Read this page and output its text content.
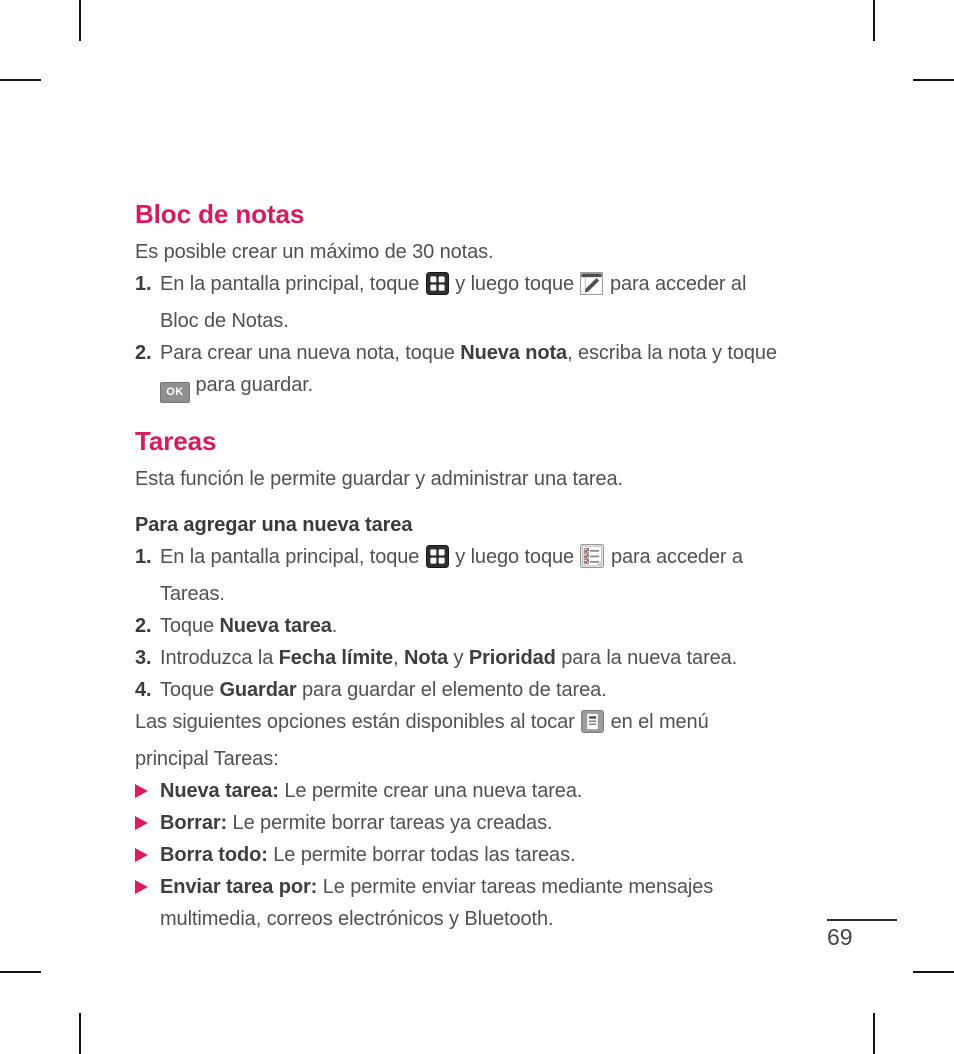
Bloc de notas

Es posible crear un máximo de 30 notas.

1. En la pantalla principal, toque  y luego toque  para acceder al
Bloc de Notas.
2. Para crear una nueva nota, toque Nueva nota, escriba la nota y toque
OK para guardar.
Tareas

Esta función le permite guardar y administrar una tarea.

Para agregar una nueva tarea
1. En la pantalla principal, toque  y luego toque  para acceder a
Tareas.
2. Toque Nueva tarea.
3. Introduzca la Fecha límite, Nota y Prioridad para la nueva tarea.
4. Toque Guardar para guardar el elemento de tarea.

Las siguientes opciones están disponibles al tocar  en el menú
principal Tareas:

Nueva tarea: Le permite crear una nueva tarea.
Borrar: Le permite borrar tareas ya creadas.
Borra todo: Le permite borrar todas las tareas.
Enviar tarea por: Le permite enviar tareas mediante mensajes
multimedia, correos electrónicos y Bluetooth.
69
